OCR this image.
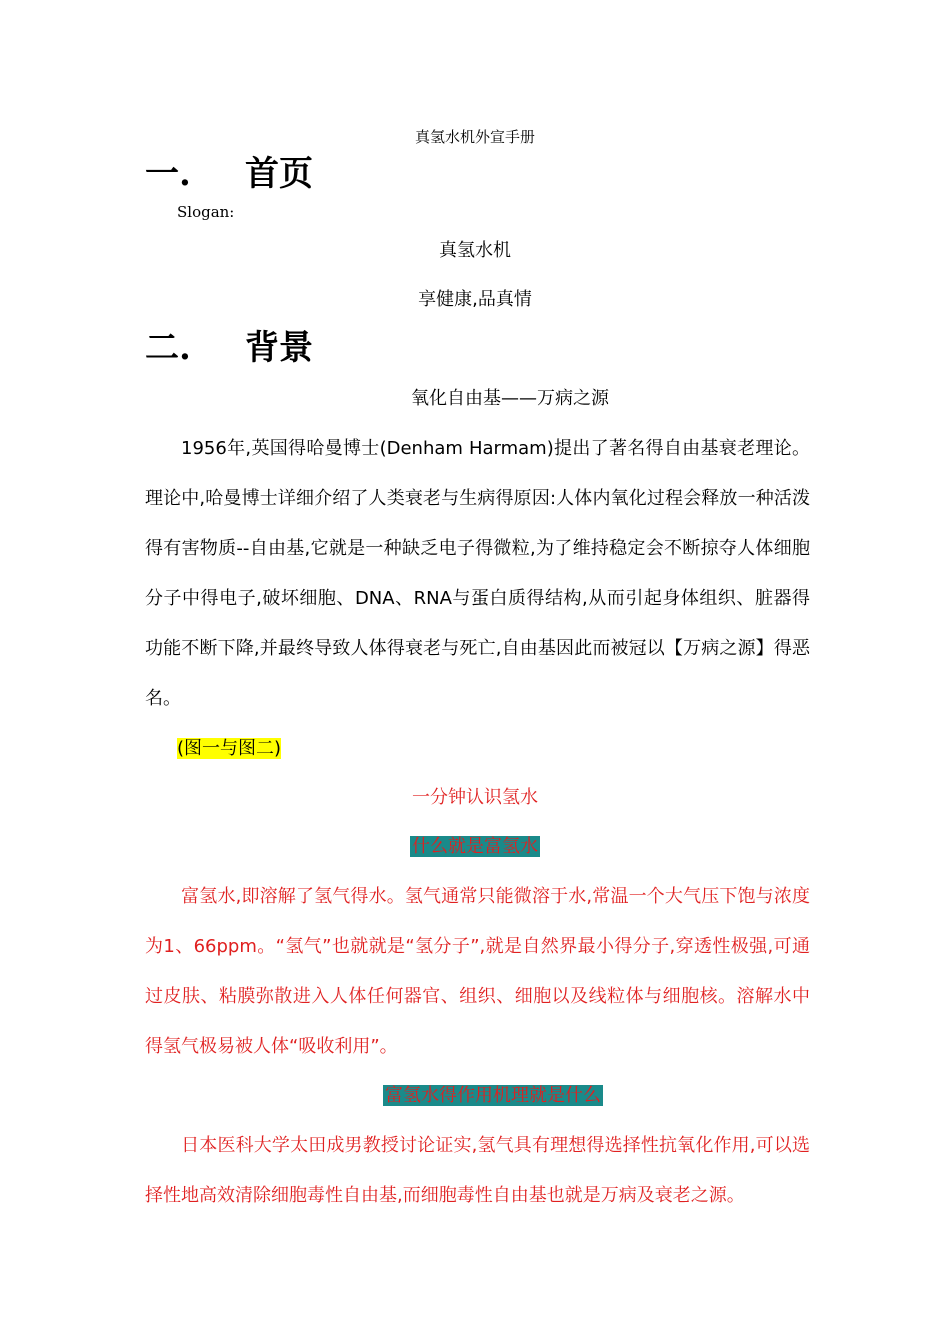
真氢水机外宣手册
一. 首页
Slogan:
真氢水机
享健康,品真情
二. 背景
氧化自由基——万病之源
1956年,英国得哈曼博士(Denham Harmam)提出了著名得自由基衰老理论。理论中,哈曼博士详细介绍了人类衰老与生病得原因:人体内氧化过程会释放一种活泼得有害物质--自由基,它就是一种缺乏电子得微粒,为了维持稳定会不断掠夺人体细胞分子中得电子,破坏细胞、DNA、RNA与蛋白质得结构,从而引起身体组织、脏器得功能不断下降,并最终导致人体得衰老与死亡,自由基因此而被冠以【万病之源】得恶名。
(图一与图二)
一分钟认识氢水
什么就是富氢水
富氢水,即溶解了氢气得水。氢气通常只能微溶于水,常温一个大气压下饱与浓度为1、66ppm。“氢气”也就就是“氢分子”,就是自然界最小得分子,穿透性极强,可通过皮肤、粘膜弥散进入人体任何器官、组织、细胞以及线粒体与细胞核。溶解水中得氢气极易被人体“吸收利用”。
富氢水得作用机理就是什么
日本医科大学太田成男教授讨论证实,氢气具有理想得选择性抗氧化作用,可以选择性地高效清除细胞毒性自由基,而细胞毒性自由基也就是万病及衰老之源。
